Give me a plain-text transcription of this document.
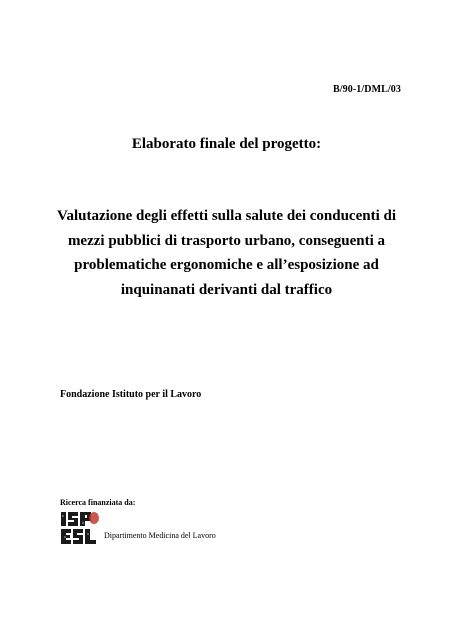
B/90-1/DML/03
Elaborato finale del progetto:
Valutazione degli effetti sulla salute dei conducenti di
mezzi pubblici di trasporto urbano, conseguenti a
problematiche ergonomiche e all’esposizione ad
inquinanati derivanti dal traffico
Fondazione Istituto per il Lavoro
Ricerca finanziata da:
Dipartimento Medicina del Lavoro
